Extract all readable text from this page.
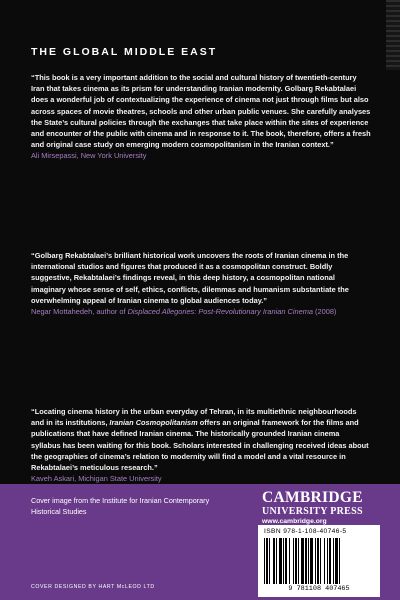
THE GLOBAL MIDDLE EAST

“This book is a very important addition to the social and cultural history of twentieth-century Iran that takes cinema as its prism for understanding Iranian modernity. Golbarg Rekabtalaei does a wonderful job of contextualizing the experience of cinema not just through films but also across spaces of movie theatres, schools and other urban public venues. She carefully analyses the State’s cultural policies through the exchanges that take place within the sites of experience and encounter of the public with cinema and in response to it. The book, therefore, offers a fresh and original case study on emerging modern cosmopolitanism in the Iranian context.”

Ali Mirsepassi, New York University

“Golbarg Rekabtalaei’s brilliant historical work uncovers the roots of Iranian cinema in the international studios and figures that produced it as a cosmopolitan construct. Boldly suggestive, Rekabtalaei’s findings reveal, in this deep history, a cosmopolitan national imaginary whose sense of self, ethics, conflicts, dilemmas and humanism substantiate the overwhelming appeal of Iranian cinema to global audiences today.”

Negar Mottahedeh, author of Displaced Allegories: Post-Revolutionary Iranian Cinema (2008)

“Locating cinema history in the urban everyday of Tehran, in its multiethnic neighbourhoods and in its institutions, Iranian Cosmopolitanism offers an original framework for the films and publications that have defined Iranian cinema. The historically grounded Iranian cinema syllabus has been waiting for this book. Scholars interested in challenging received ideas about the geographies of cinema’s relation to modernity will find a model and a vital resource in Rekabtalaei’s meticulous research.”

Kaveh Askari, Michigan State University
Cover image from the Institute for Iranian Contemporary Historical Studies
CAMBRIDGE
UNIVERSITY PRESS
www.cambridge.org
ISBN 978-1-108-40746-5
9 781108 407465
COVER DESIGNED BY HART McLEOD LTD
